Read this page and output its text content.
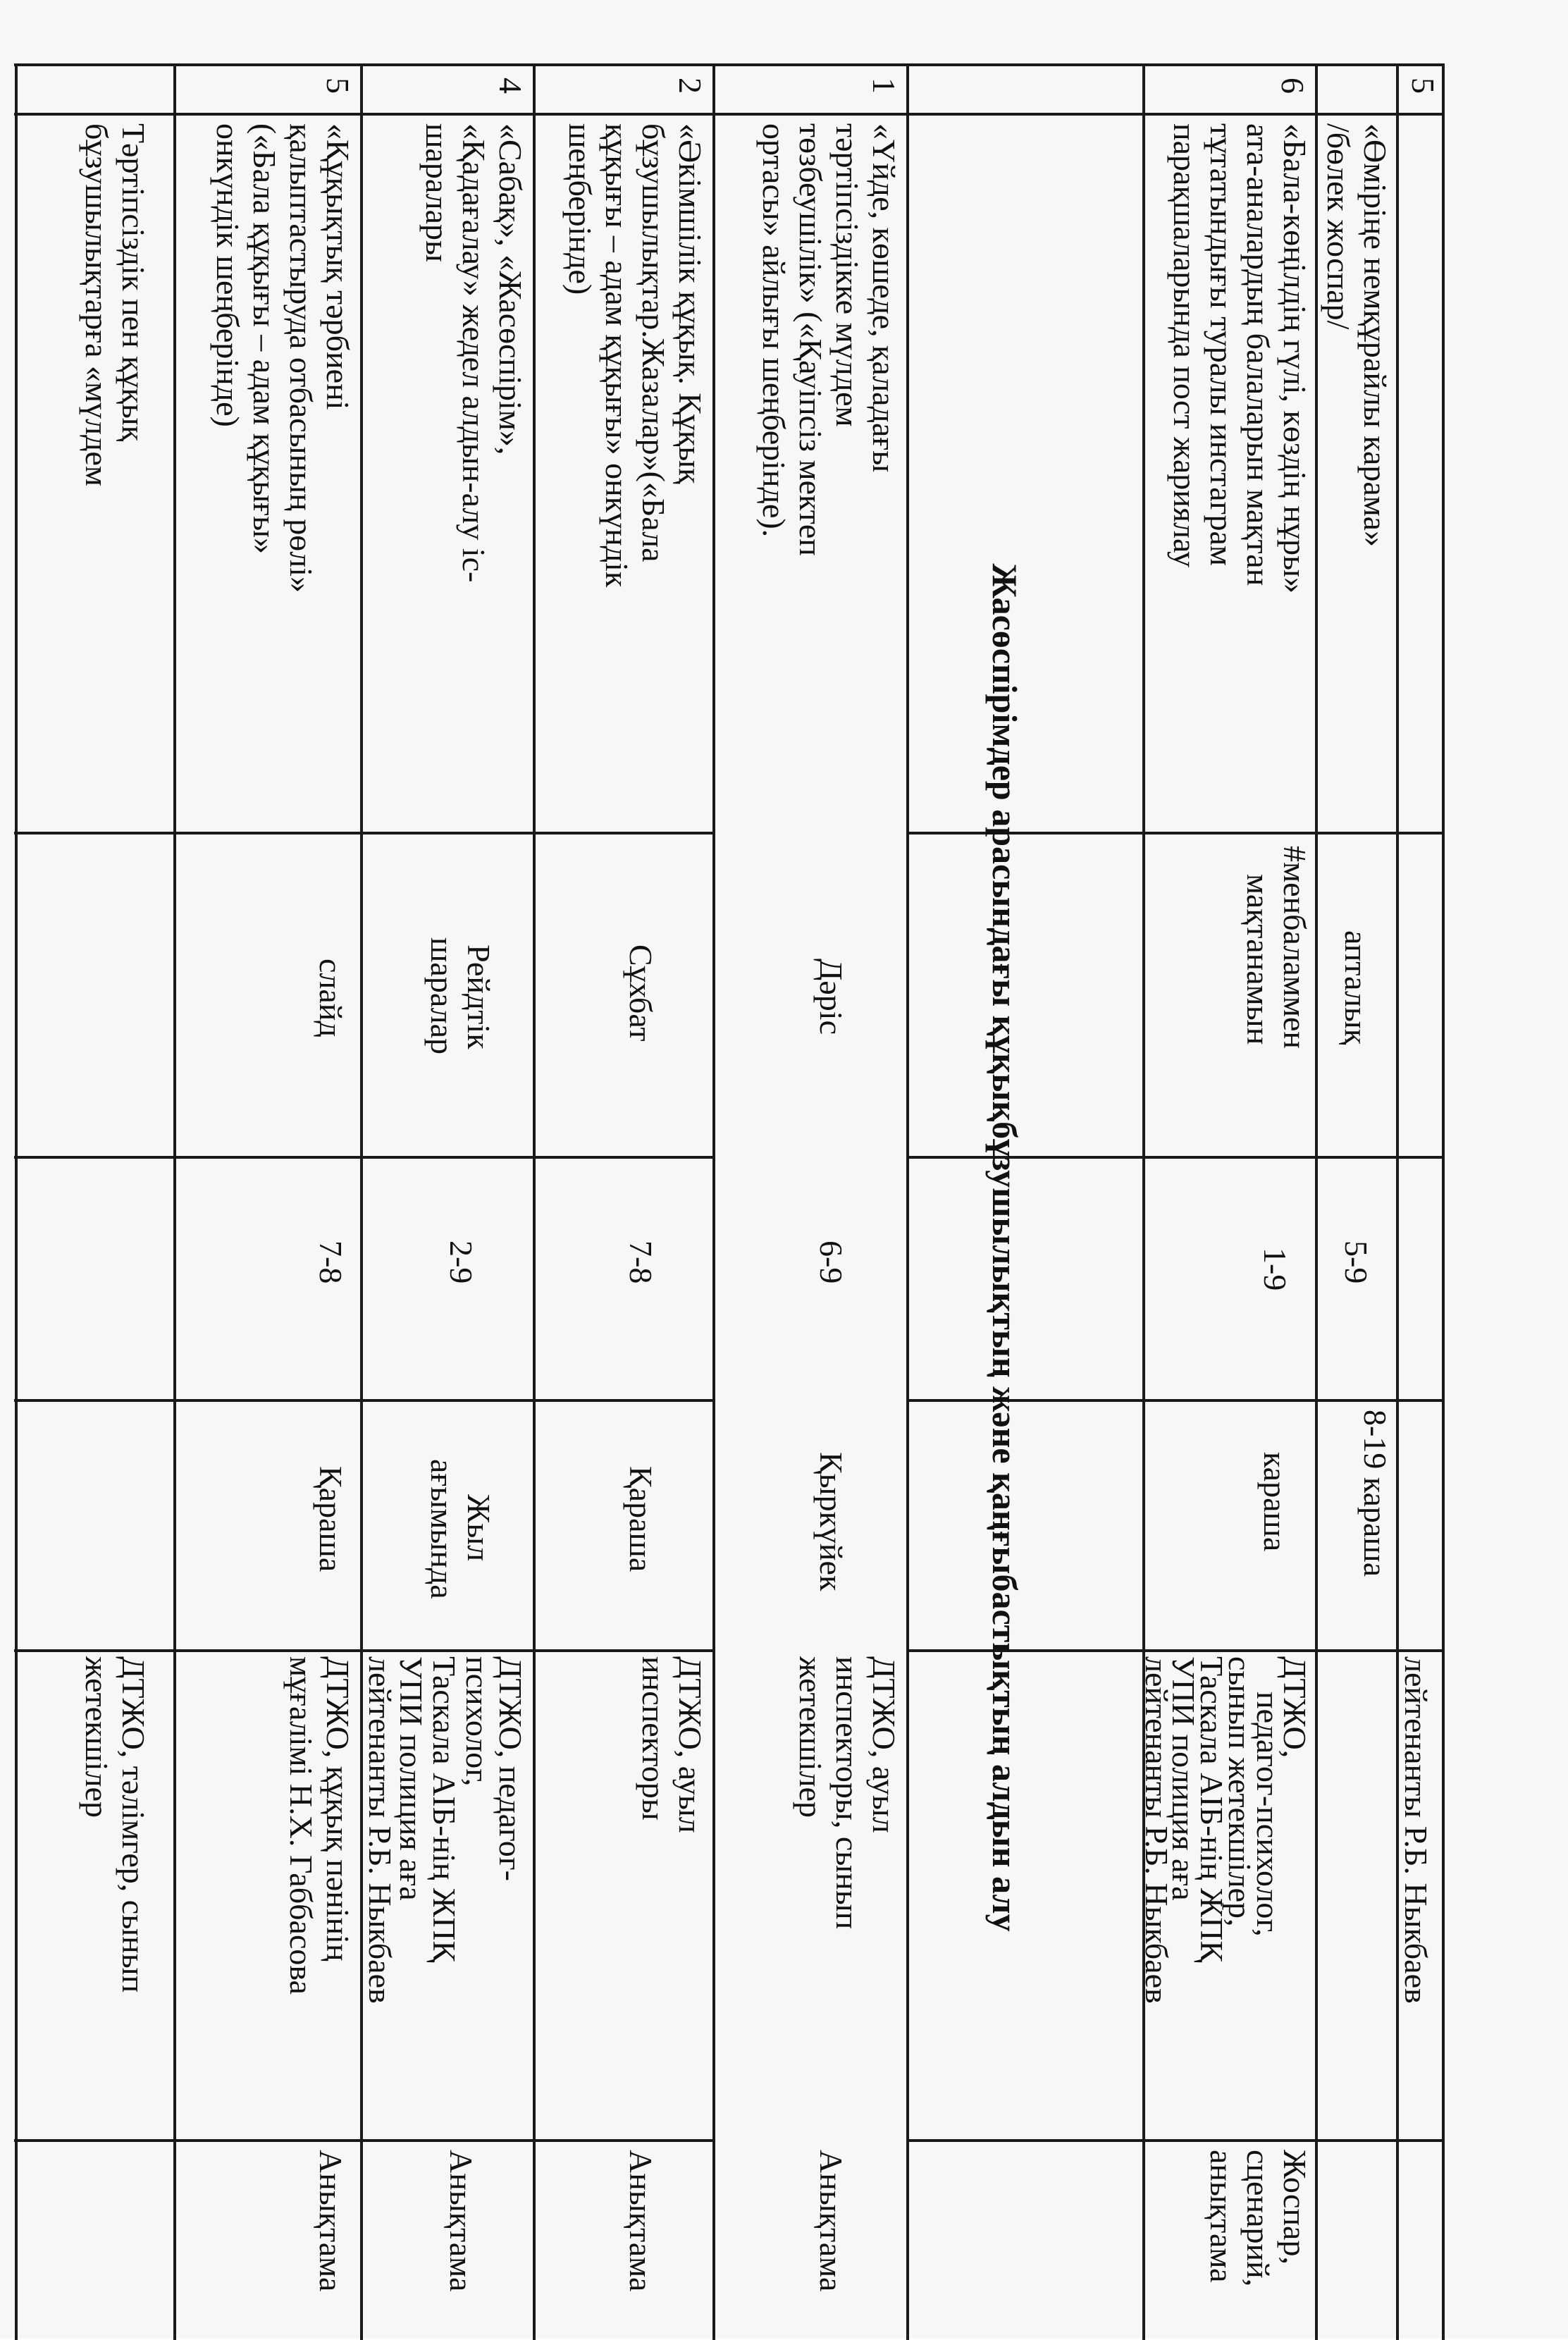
5
лейтенанты Р.Б. Ныкбаев
«Өміріңе немқұрайлы карама»
/бөлек жоспар/
апталық
5-9
8-19 караша
6
«Бала-көңілдің гүлі, көздің нұры»
ата-аналардың балаларын мақтан
тұтатындығы туралы инстаграм
парақшаларында пост жариялау
#менбаламмен
мақтанамын
1-9
караша
ДТЖО,
педагог-психолог,
сынып жетекшілер,
Таскала АІБ-нің ЖПҚ
УПИ полиция аға
лейтенанты Р.Б. Ныкбаев
Жоспар,
сценарий,
анықтама
Жасөспірімдер арасындағы құқықбұзушылықтың және қаңғыбастықтың алдын алу
1
«Үйде, көшеде, қаладағы
тәртіпсіздікке мүлдем
төзбеушілік» («Қауіпсіз мектеп
ортасы» айлығы шеңберінде).
Дәріс
6-9
Қыркүйек
ДТЖО, ауыл
инспекторы, сынып
жетекшілер
Анықтама
2
«Әкімшілік құқық. Құқық
бұзушылықтар.Жазалар»(«Бала
құқығы – адам құқығы» онкүндік
шеңберінде)
Сұхбат
7-8
Қараша
ДТЖО, ауыл
инспекторы
Анықтама
4
«Сабақ», «Жасөспірім»,
«Қадағалау» жедел алдын-алу іс-
шаралары
Рейдтік
шаралар
2-9
Жыл
ағымында
ДТЖО, педагог-
психолог,
Таскала АІБ-нің ЖПҚ
УПИ полиция аға
лейтенанты Р.Б. Ныкбаев
Анықтама
5
«Құқықтық тәрбиені
қалыптастыруда отбасының рөлі»
(«Бала құқығы – адам құқығы»
онкүндік шеңберінде)
слайд
7-8
Қараша
ДТЖО, құқық пәнінің
мұғалімі Н.Х. Габбасова
Анықтама
Тәртіпсіздік пен құқық
бұзушылықтарға «мүлдем
ДТЖО, тәлімгер, сынып
жетекшілер
